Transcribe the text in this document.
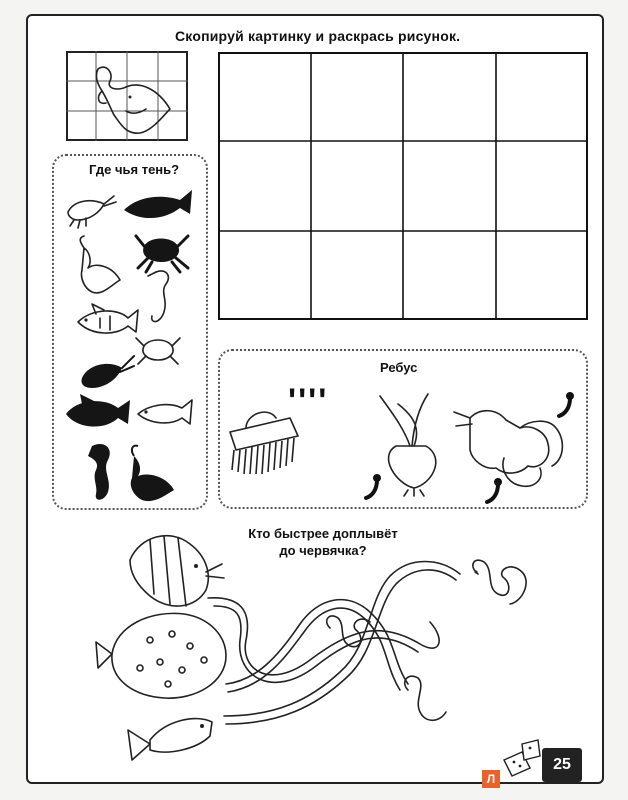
Скопируй картинку и раскрась рисунок.
Где чья тень?
Ребус
''''
Кто быстрее доплывёт
до червячка?
25
Л
